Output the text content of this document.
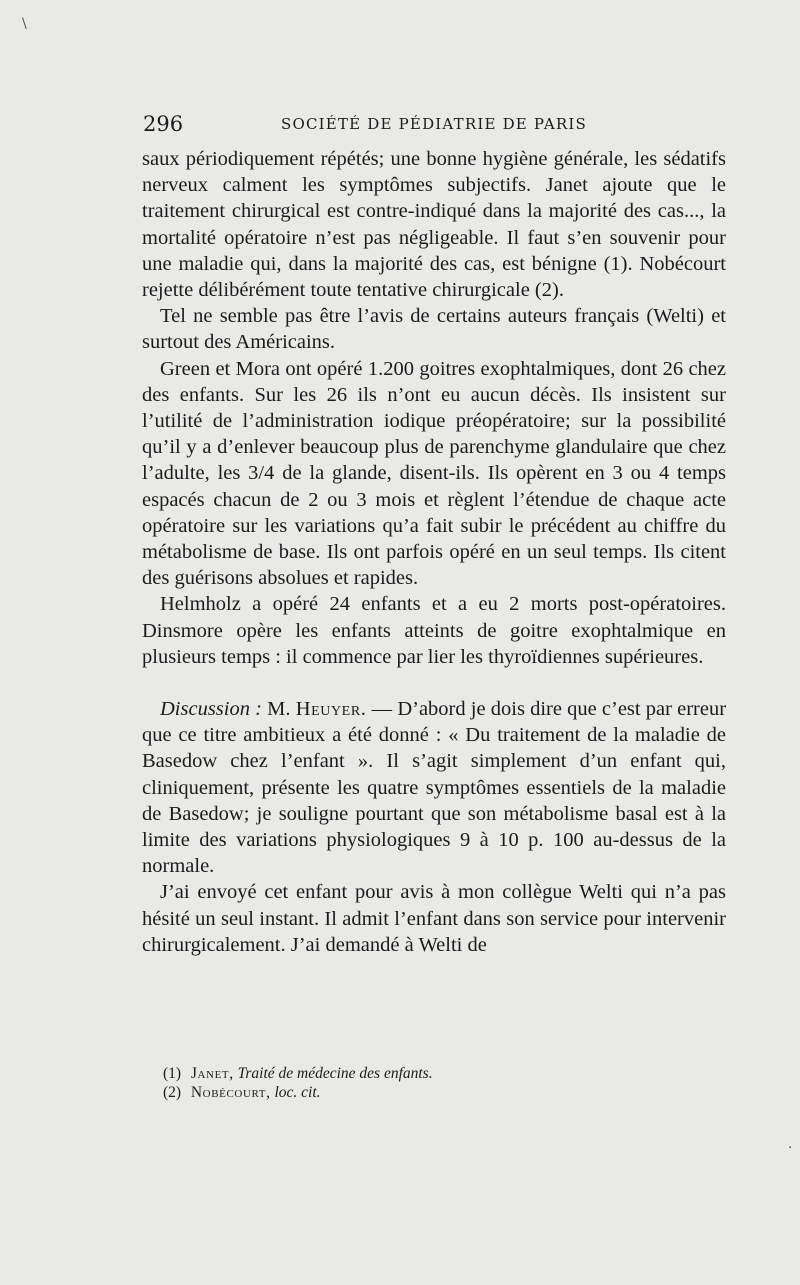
\
296	SOCIÉTÉ DE PÉDIATRIE DE PARIS

saux périodiquement répétés; une bonne hygiène générale, les sédatifs nerveux calment les symptômes subjectifs. Janet ajoute que le traitement chirurgical est contre-indiqué dans la majorité des cas..., la mortalité opératoire n’est pas négligeable. Il faut s’en souvenir pour une maladie qui, dans la majorité des cas, est bénigne (1). Nobécourt rejette délibérément toute tentative chirurgicale (2).

Tel ne semble pas être l’avis de certains auteurs français (Welti) et surtout des Américains.

Green et Mora ont opéré 1.200 goitres exophtalmiques, dont 26 chez des enfants. Sur les 26 ils n’ont eu aucun décès. Ils insistent sur l’utilité de l’administration iodique préopératoire; sur la possibilité qu’il y a d’enlever beaucoup plus de parenchyme glandulaire que chez l’adulte, les 3/4 de la glande, disent-ils. Ils opèrent en 3 ou 4 temps espacés chacun de 2 ou 3 mois et règlent l’étendue de chaque acte opératoire sur les variations qu’a fait subir le précédent au chiffre du métabolisme de base. Ils ont parfois opéré en un seul temps. Ils citent des guérisons absolues et rapides.

Helmholz a opéré 24 enfants et a eu 2 morts post-opératoires. Dinsmore opère les enfants atteints de goitre exophtalmique en plusieurs temps : il commence par lier les thyroïdiennes supérieures.

Discussion : M. Heuyer. — D’abord je dois dire que c’est par erreur que ce titre ambitieux a été donné : « Du traitement de la maladie de Basedow chez l’enfant ». Il s’agit simplement d’un enfant qui, cliniquement, présente les quatre symptômes essentiels de la maladie de Basedow; je souligne pourtant que son métabolisme basal est à la limite des variations physiologiques 9 à 10 p. 100 au-dessus de la normale.

J’ai envoyé cet enfant pour avis à mon collègue Welti qui n’a pas hésité un seul instant. Il admit l’enfant dans son service pour intervenir chirurgicalement. J’ai demandé à Welti de

(1) Janet, Traité de médecine des enfants.

(2) Nobécourt, loc. cit.

·
